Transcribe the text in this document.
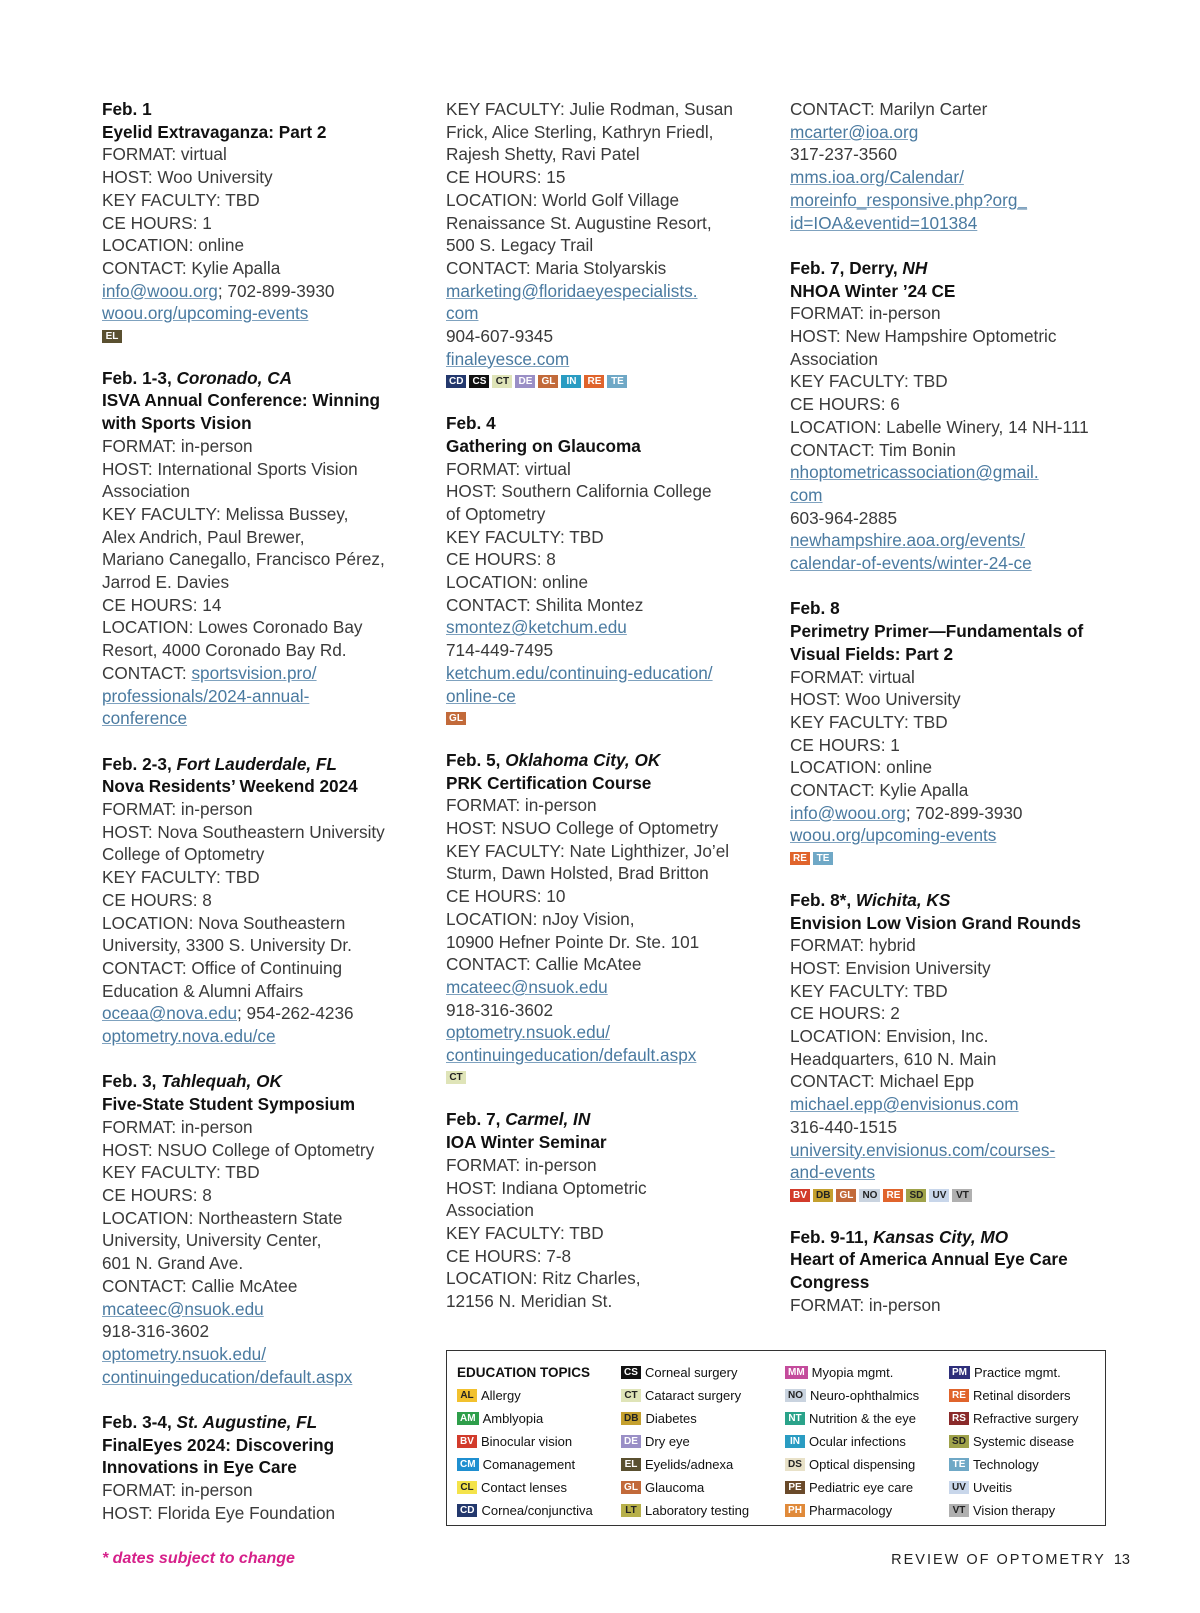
Feb. 1
Eyelid Extravaganza: Part 2
FORMAT: virtual
HOST: Woo University
KEY FACULTY: TBD
CE HOURS: 1
LOCATION: online
CONTACT: Kylie Apalla
info@woou.org; 702-899-3930
woou.org/upcoming-events
EL
Feb. 1-3, Coronado, CA
ISVA Annual Conference: Winning
with Sports Vision
FORMAT: in-person
HOST: International Sports Vision
Association
KEY FACULTY: Melissa Bussey,
Alex Andrich, Paul Brewer,
Mariano Canegallo, Francisco Pérez,
Jarrod E. Davies
CE HOURS: 14
LOCATION: Lowes Coronado Bay
Resort, 4000 Coronado Bay Rd.
CONTACT: sportsvision.pro/
professionals/2024-annual-
conference
Feb. 2-3, Fort Lauderdale, FL
Nova Residents’ Weekend 2024
FORMAT: in-person
HOST: Nova Southeastern University
College of Optometry
KEY FACULTY: TBD
CE HOURS: 8
LOCATION: Nova Southeastern
University, 3300 S. University Dr.
CONTACT: Office of Continuing
Education & Alumni Affairs
oceaa@nova.edu; 954-262-4236
optometry.nova.edu/ce
Feb. 3, Tahlequah, OK
Five-State Student Symposium
FORMAT: in-person
HOST: NSUO College of Optometry
KEY FACULTY: TBD
CE HOURS: 8
LOCATION: Northeastern State
University, University Center,
601 N. Grand Ave.
CONTACT: Callie McAtee
mcateec@nsuok.edu
918-316-3602
optometry.nsuok.edu/
continuingeducation/default.aspx
Feb. 3-4, St. Augustine, FL
FinalEyes 2024: Discovering
Innovations in Eye Care
FORMAT: in-person
HOST: Florida Eye Foundation
KEY FACULTY: Julie Rodman, Susan
Frick, Alice Sterling, Kathryn Friedl,
Rajesh Shetty, Ravi Patel
CE HOURS: 15
LOCATION: World Golf Village
Renaissance St. Augustine Resort,
500 S. Legacy Trail
CONTACT: Maria Stolyarskis
marketing@floridaeyespecialists.
com
904-607-9345
finaleyesce.com
CD CS CT DE GL	IN	RE TE
Feb. 4
Gathering on Glaucoma
FORMAT: virtual
HOST: Southern California College
of Optometry
KEY FACULTY: TBD
CE HOURS: 8
LOCATION: online
CONTACT: Shilita Montez
smontez@ketchum.edu
714-449-7495
ketchum.edu/continuing-education/
online-ce
GL
Feb. 5, Oklahoma City, OK
PRK Certification Course
FORMAT: in-person
HOST: NSUO College of Optometry
KEY FACULTY: Nate Lighthizer, Jo’el
Sturm, Dawn Holsted, Brad Britton
CE HOURS: 10
LOCATION: nJoy Vision,
10900 Hefner Pointe Dr. Ste. 101
CONTACT: Callie McAtee
mcateec@nsuok.edu
918-316-3602
optometry.nsuok.edu/
continuingeducation/default.aspx
CT
Feb. 7, Carmel, IN
IOA Winter Seminar
FORMAT: in-person
HOST: Indiana Optometric
Association
KEY FACULTY: TBD
CE HOURS: 7-8
LOCATION: Ritz Charles,
12156 N. Meridian St.
CONTACT: Marilyn Carter
mcarter@ioa.org
317-237-3560
mms.ioa.org/Calendar/
moreinfo_responsive.php?org_
id=IOA&eventid=101384
Feb. 7, Derry, NH
NHOA Winter ’24 CE
FORMAT: in-person
HOST: New Hampshire Optometric
Association
KEY FACULTY: TBD
CE HOURS: 6
LOCATION: Labelle Winery, 14 NH-111
CONTACT: Tim Bonin
nhoptometricassociation@gmail.
com
603-964-2885
newhampshire.aoa.org/events/
calendar-of-events/winter-24-ce
Feb. 8
Perimetry Primer—Fundamentals of
Visual Fields: Part 2
FORMAT: virtual
HOST: Woo University
KEY FACULTY: TBD
CE HOURS: 1
LOCATION: online
CONTACT: Kylie Apalla
info@woou.org; 702-899-3930
woou.org/upcoming-events
RE TE
Feb. 8*, Wichita, KS
Envision Low Vision Grand Rounds
FORMAT: hybrid
HOST: Envision University
KEY FACULTY: TBD
CE HOURS: 2
LOCATION: Envision, Inc.
Headquarters, 610 N. Main
CONTACT: Michael Epp
michael.epp@envisionus.com
316-440-1515
university.envisionus.com/courses-
and-events
BV DB GL NO RE SD UV VT
Feb. 9-11, Kansas City, MO
Heart of America Annual Eye Care
Congress
FORMAT: in-person
EDUCATION TOPICS
AL Allergy
AM Amblyopia
BV Binocular vision
CM Comanagement
CL Contact lenses
CD Cornea/conjunctiva
CS Corneal surgery
CT Cataract surgery
DB Diabetes
DE Dry eye
EL Eyelids/adnexa
GL Glaucoma
LT Laboratory testing
MM Myopia mgmt.
NO Neuro-ophthalmics
NT Nutrition & the eye
IN Ocular infections
DS Optical dispensing
PE Pediatric eye care
PH Pharmacology
PM Practice mgmt.
RE Retinal disorders
RS Refractive surgery
SD Systemic disease
TE Technology
UV Uveitis
VT Vision therapy
* dates subject to change	REVIEW OF OPTOMETRY 13
